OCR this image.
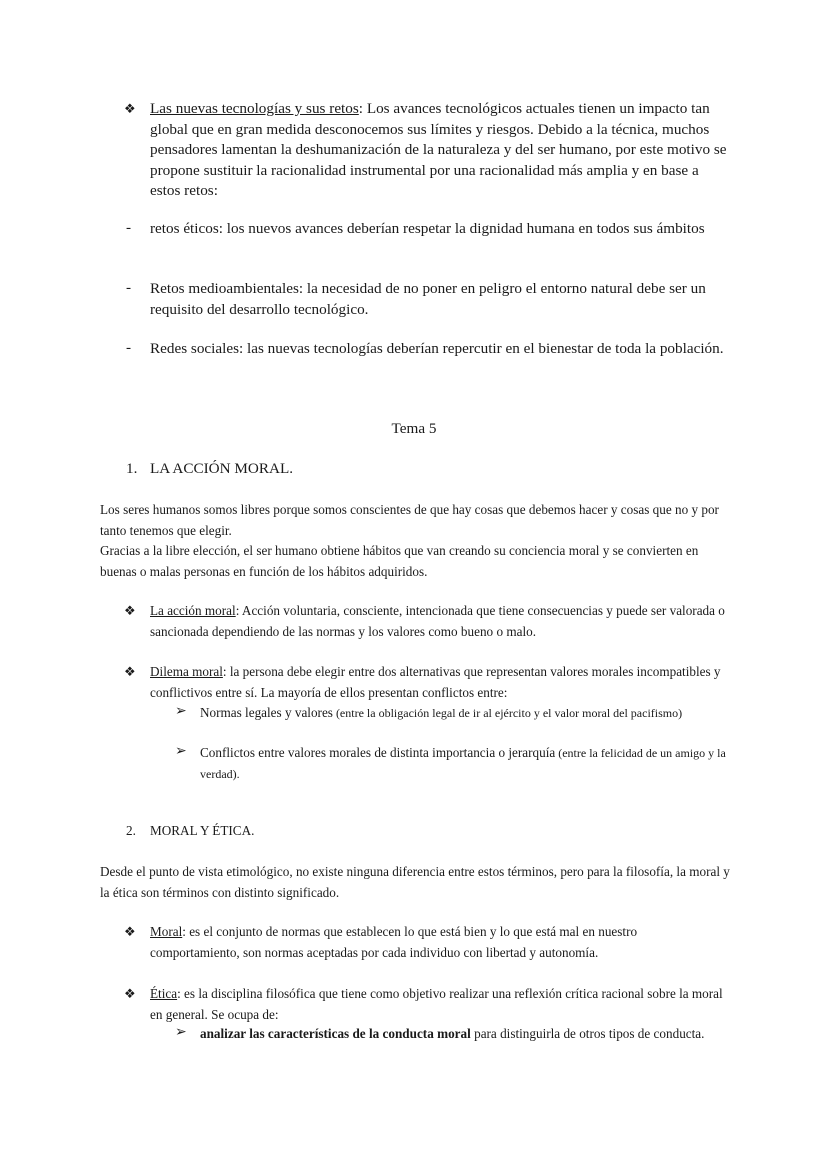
❖ Las nuevas tecnologías y sus retos: Los avances tecnológicos actuales tienen un impacto tan global que en gran medida desconocemos sus límites y riesgos. Debido a la técnica, muchos pensadores lamentan la deshumanización de la naturaleza y del ser humano, por este motivo se propone sustituir la racionalidad instrumental por una racionalidad más amplia y en base a estos retos:
- retos éticos: los nuevos avances deberían respetar la dignidad humana en todos sus ámbitos
- Retos medioambientales: la necesidad de no poner en peligro el entorno natural debe ser un requisito del desarrollo tecnológico.
- Redes sociales: las nuevas tecnologías deberían repercutir en el bienestar de toda la población.
Tema 5
1. LA ACCIÓN MORAL.
Los seres humanos somos libres porque somos conscientes de que hay cosas que debemos hacer y cosas que no y por tanto tenemos que elegir.
Gracias a la libre elección, el ser humano obtiene hábitos que van creando su conciencia moral y se convierten en buenas o malas personas en función de los hábitos adquiridos.
❖ La acción moral: Acción voluntaria, consciente, intencionada que tiene consecuencias y puede ser valorada o sancionada dependiendo de las normas y los valores como bueno o malo.
❖ Dilema moral: la persona debe elegir entre dos alternativas que representan valores morales incompatibles y conflictivos entre sí. La mayoría de ellos presentan conflictos entre:
➢ Normas legales y valores (entre la obligación legal de ir al ejército y el valor moral del pacifismo)
➢ Conflictos entre valores morales de distinta importancia o jerarquía (entre la felicidad de un amigo y la verdad).
2. MORAL Y ÉTICA.
Desde el punto de vista etimológico, no existe ninguna diferencia entre estos términos, pero para la filosofía, la moral y la ética son términos con distinto significado.
❖ Moral: es el conjunto de normas que establecen lo que está bien y lo que está mal en nuestro comportamiento, son normas aceptadas por cada individuo con libertad y autonomía.
❖ Ética: es la disciplina filosófica que tiene como objetivo realizar una reflexión crítica racional sobre la moral en general. Se ocupa de:
➢ analizar las características de la conducta moral para distinguirla de otros tipos de conducta.
